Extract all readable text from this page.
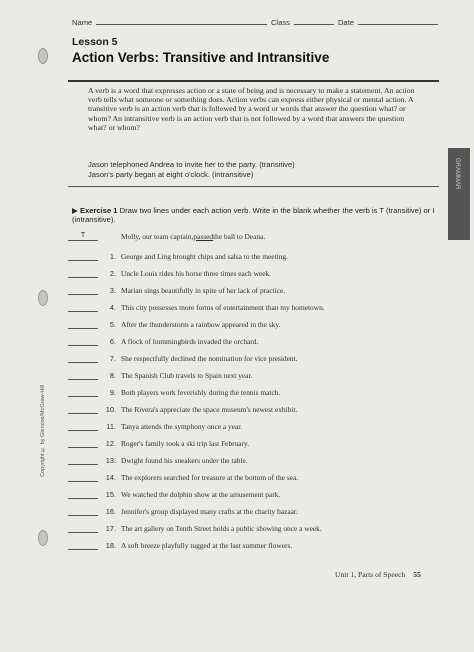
Name	Class	Date
Lesson 5
Action Verbs: Transitive and Intransitive
A verb is a word that expresses action or a state of being and is necessary to make a statement. An action verb tells what someone or something does. Action verbs can express either physical or mental action. A transitive verb is an action verb that is followed by a word or words that answer the question what? or whom? An intransitive verb is an action verb that is not followed by a word that answers the question what? or whom?
Jason telephoned Andrea to invite her to the party. (transitive)
Jason's party began at eight o'clock. (intransitive)
▶ Exercise 1 Draw two lines under each action verb. Write in the blank whether the verb is T (transitive) or I (intransitive).
T	Molly, our team captain, passed the ball to Deana.
1. George and Ling brought chips and salsa to the meeting.
2. Uncle Louis rides his horse three times each week.
3. Marian sings beautifully in spite of her lack of practice.
4. This city possesses more forms of entertainment than my hometown.
5. After the thunderstorm a rainbow appeared in the sky.
6. A flock of hummingbirds invaded the orchard.
7. She respectfully declined the nomination for vice president.
8. The Spanish Club travels to Spain next year.
9. Both players work feverishly during the tennis match.
10. The Rivera's appreciate the space museum's newest exhibit.
11. Tanya attends the symphony once a year.
12. Roger's family took a ski trip last February.
13. Dwight found his sneakers under the table.
14. The explorers searched for treasure at the bottom of the sea.
15. We watched the dolphin show at the amusement park.
16. Jennifer's group displayed many crafts at the charity bazaar.
17. The art gallery on Tenth Street holds a public showing once a week.
18. A soft breeze playfully tugged at the last summer flowers.
Unit 1, Parts of Speech 55
GRAMMAR
Copyright © by Glencoe/McGraw-Hill
